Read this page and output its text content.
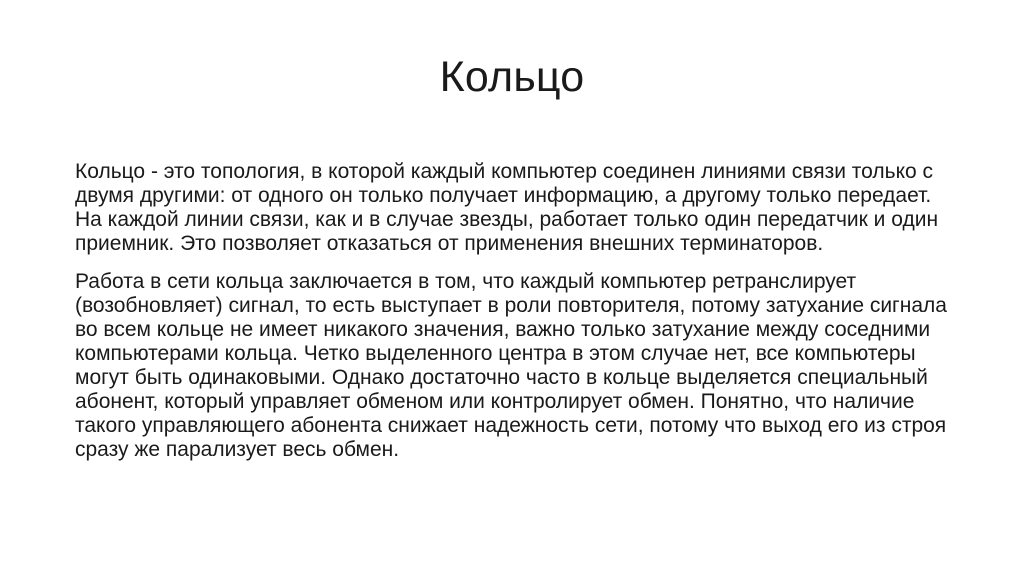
Кольцо

Кольцо - это топология, в которой каждый компьютер соединен линиями связи только с двумя другими: от одного он только получает информацию, а другому только передает. На каждой линии связи, как и в случае звезды, работает только один передатчик и один приемник. Это позволяет отказаться от применения внешних терминаторов.

Работа в сети кольца заключается в том, что каждый компьютер ретранслирует (возобновляет) сигнал, то есть выступает в роли повторителя, потому затухание сигнала во всем кольце не имеет никакого значения, важно только затухание между соседними компьютерами кольца. Четко выделенного центра в этом случае нет, все компьютеры могут быть одинаковыми. Однако достаточно часто в кольце выделяется специальный абонент, который управляет обменом или контролирует обмен. Понятно, что наличие такого управляющего абонента снижает надежность сети, потому что выход его из строя сразу же парализует весь обмен.
